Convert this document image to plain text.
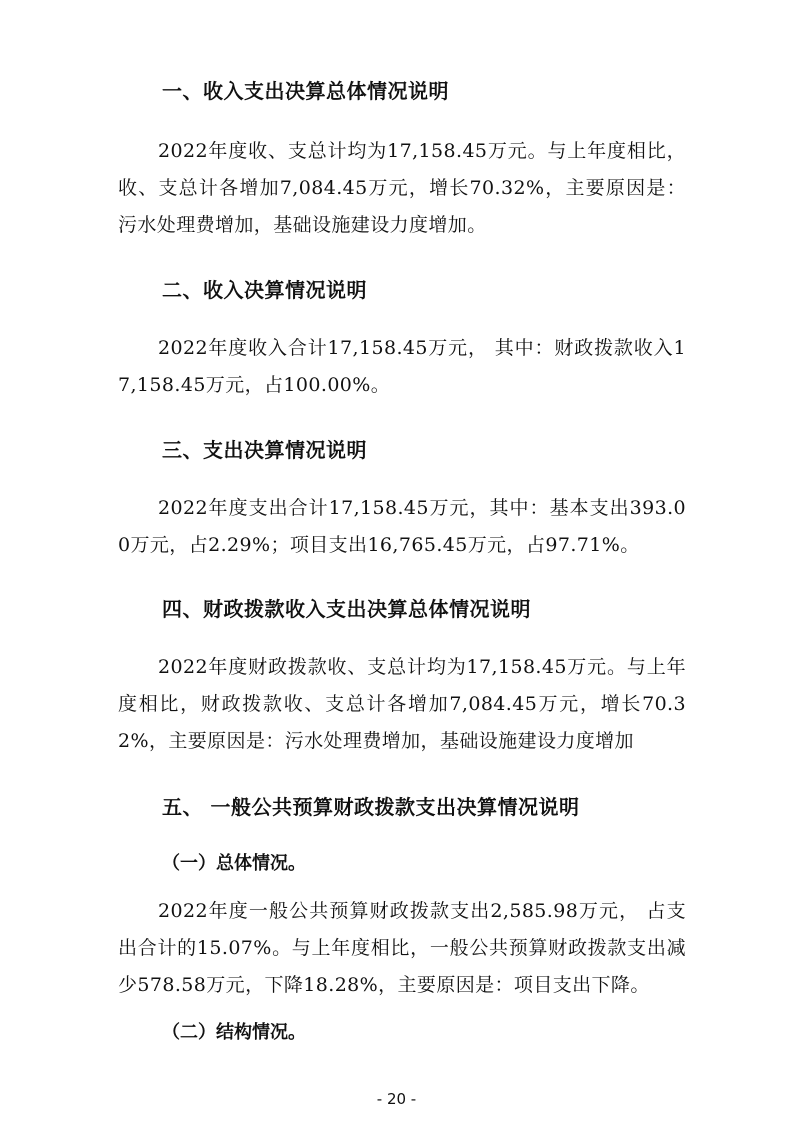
一、收入支出决算总体情况说明
2022年度收、支总计均为17,158.45万元。与上年度相比，收、支总计各增加7,084.45万元，增长70.32%，主要原因是：污水处理费增加，基础设施建设力度增加。
二、收入决算情况说明
2022年度收入合计17,158.45万元， 其中：财政拨款收入17,158.45万元，占100.00%。
三、支出决算情况说明
2022年度支出合计17,158.45万元，其中：基本支出393.00万元，占2.29%；项目支出16,765.45万元，占97.71%。
四、财政拨款收入支出决算总体情况说明
2022年度财政拨款收、支总计均为17,158.45万元。与上年度相比，财政拨款收、支总计各增加7,084.45万元，增长70.32%，主要原因是：污水处理费增加，基础设施建设力度增加
五、 一般公共预算财政拨款支出决算情况说明
（一）总体情况。
2022年度一般公共预算财政拨款支出2,585.98万元， 占支出合计的15.07%。与上年度相比，一般公共预算财政拨款支出减少578.58万元，下降18.28%，主要原因是：项目支出下降。
（二）结构情况。
- 20 -
